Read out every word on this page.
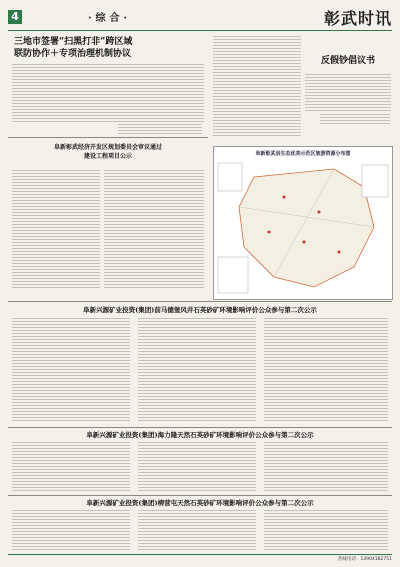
4	·综合·	彰武时讯
三地市签署“扫黑打非”跨区域
联防协作＋专项治理机制协议
反假钞倡议书
阜新彰武经济开发区规划委员会审议通过
建设工程项目公示	阜新彰武县生态优美示范区旅游资源分布图
阜新兴源矿业投资(集团)前马德堡风井石英砂矿环境影响评价公众参与第二次公示
阜新兴源矿业投资(集团)海力隆天然石英砂矿环境影响评价公众参与第二次公示
阜新兴源矿业投资(集团)柳营屯天然石英砂矿环境影响评价公众参与第二次公示
热线电话：13904182751
